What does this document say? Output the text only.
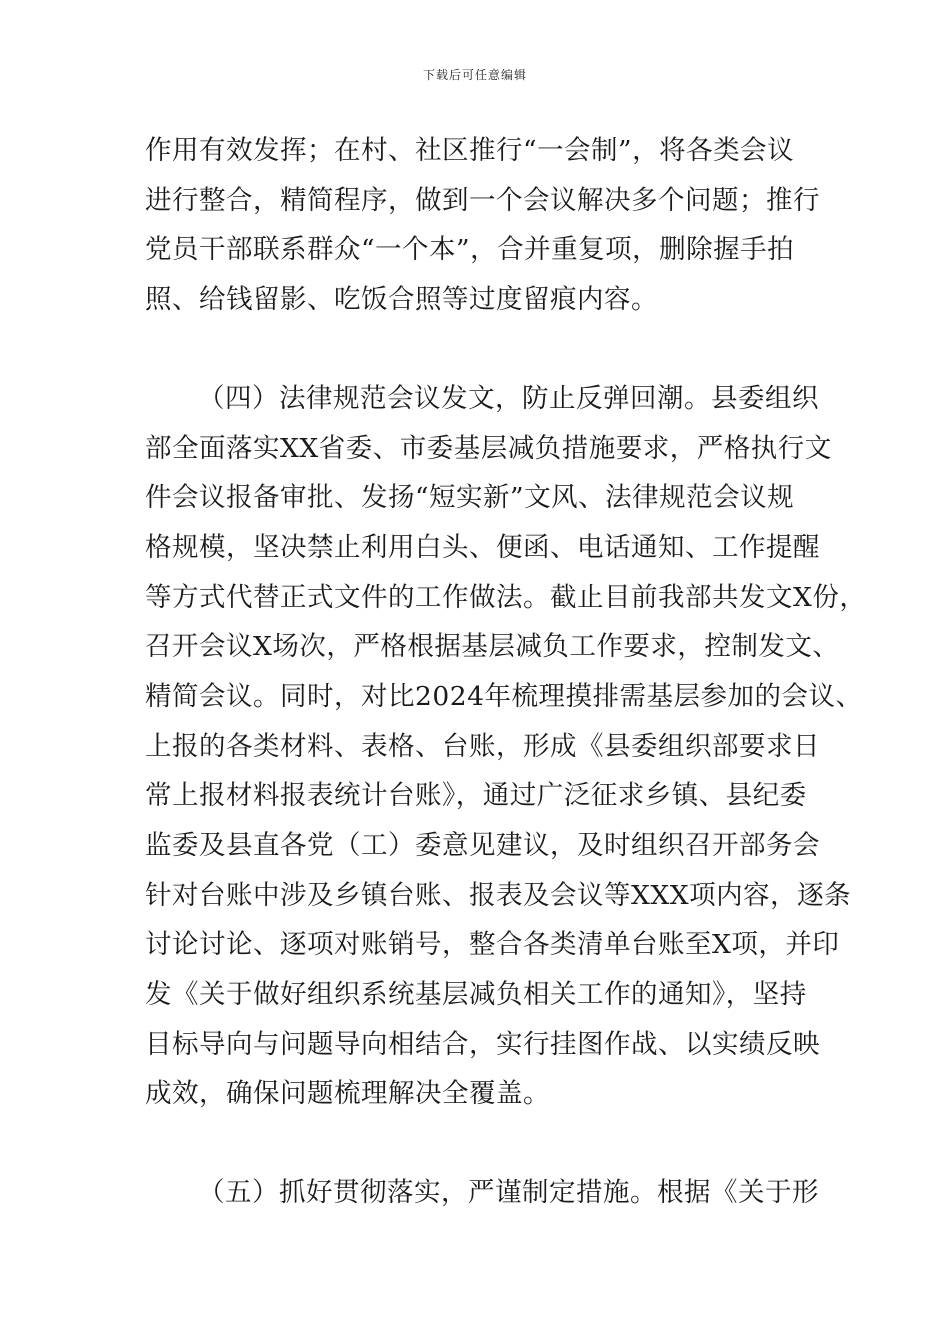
下载后可任意编辑
作用有效发挥；在村、社区推行“一会制”，将各类会议
进行整合，精简程序，做到一个会议解决多个问题；推行
党员干部联系群众“一个本”，合并重复项，删除握手拍
照、给钱留影、吃饭合照等过度留痕内容。
（四）法律规范会议发文，防止反弹回潮。县委组织
部全面落实XX省委、市委基层减负措施要求，严格执行文
件会议报备审批、发扬“短实新”文风、法律规范会议规
格规模，坚决禁止利用白头、便函、电话通知、工作提醒
等方式代替正式文件的工作做法。截止目前我部共发文X份，
召开会议X场次，严格根据基层减负工作要求，控制发文、
精简会议。同时，对比2024年梳理摸排需基层参加的会议、
上报的各类材料、表格、台账，形成《县委组织部要求日
常上报材料报表统计台账》，通过广泛征求乡镇、县纪委
监委及县直各党（工）委意见建议，及时组织召开部务会
针对台账中涉及乡镇台账、报表及会议等XXX项内容，逐条
讨论讨论、逐项对账销号，整合各类清单台账至X项，并印
发《关于做好组织系统基层减负相关工作的通知》，坚持
目标导向与问题导向相结合，实行挂图作战、以实绩反映
成效，确保问题梳理解决全覆盖。
（五）抓好贯彻落实，严谨制定措施。根据《关于形
